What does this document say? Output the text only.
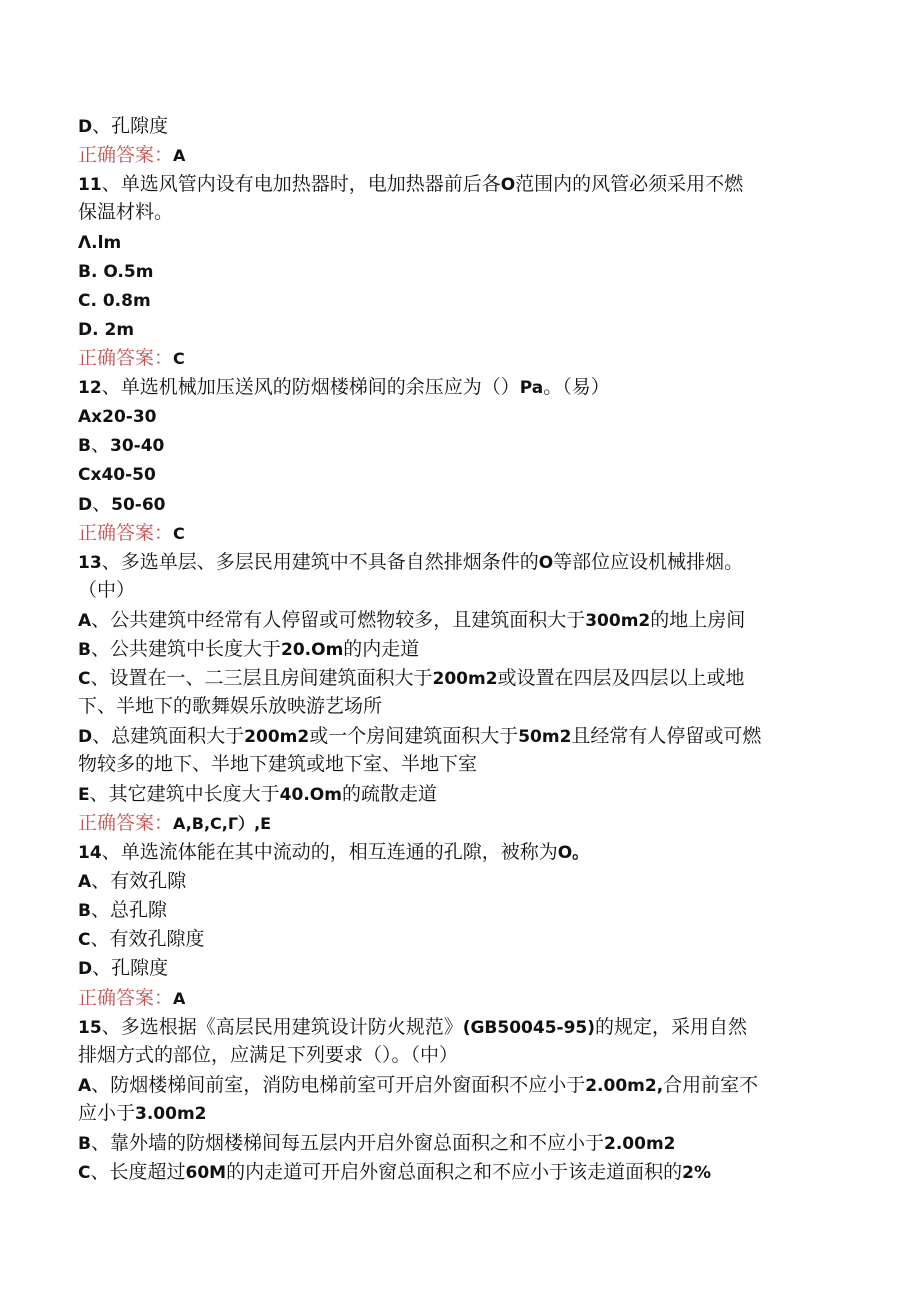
D、孔隙度
正确答案：A
11、单选风管内设有电加热器时，电加热器前后各O范围内的风管必须采用不燃
保温材料。
Λ.lm
B. O.5m
C. 0.8m
D. 2m
正确答案：C
12、单选机械加压送风的防烟楼梯间的余压应为（）Pa。（易）
Ax20-30
B、30-40
Cx40-50
D、50-60
正确答案：C
13、多选单层、多层民用建筑中不具备自然排烟条件的O等部位应设机械排烟。
（中）
A、公共建筑中经常有人停留或可燃物较多，且建筑面积大于300m2的地上房间
B、公共建筑中长度大于20.Om的内走道
C、设置在一、二三层且房间建筑面积大于200m2或设置在四层及四层以上或地
下、半地下的歌舞娱乐放映游艺场所
D、总建筑面积大于200m2或一个房间建筑面积大于50m2且经常有人停留或可燃
物较多的地下、半地下建筑或地下室、半地下室
E、其它建筑中长度大于40.Om的疏散走道
正确答案：A,B,C,Γ）,E
14、单选流体能在其中流动的，相互连通的孔隙，被称为O。
A、有效孔隙
B、总孔隙
C、有效孔隙度
D、孔隙度
正确答案：A
15、多选根据《高层民用建筑设计防火规范》(GB50045-95)的规定，采用自然
排烟方式的部位，应满足下列要求（）。（中）
A、防烟楼梯间前室，消防电梯前室可开启外窗面积不应小于2.00m2,合用前室不
应小于3.00m2
B、靠外墙的防烟楼梯间每五层内开启外窗总面积之和不应小于2.00m2
C、长度超过60M的内走道可开启外窗总面积之和不应小于该走道面积的2%
